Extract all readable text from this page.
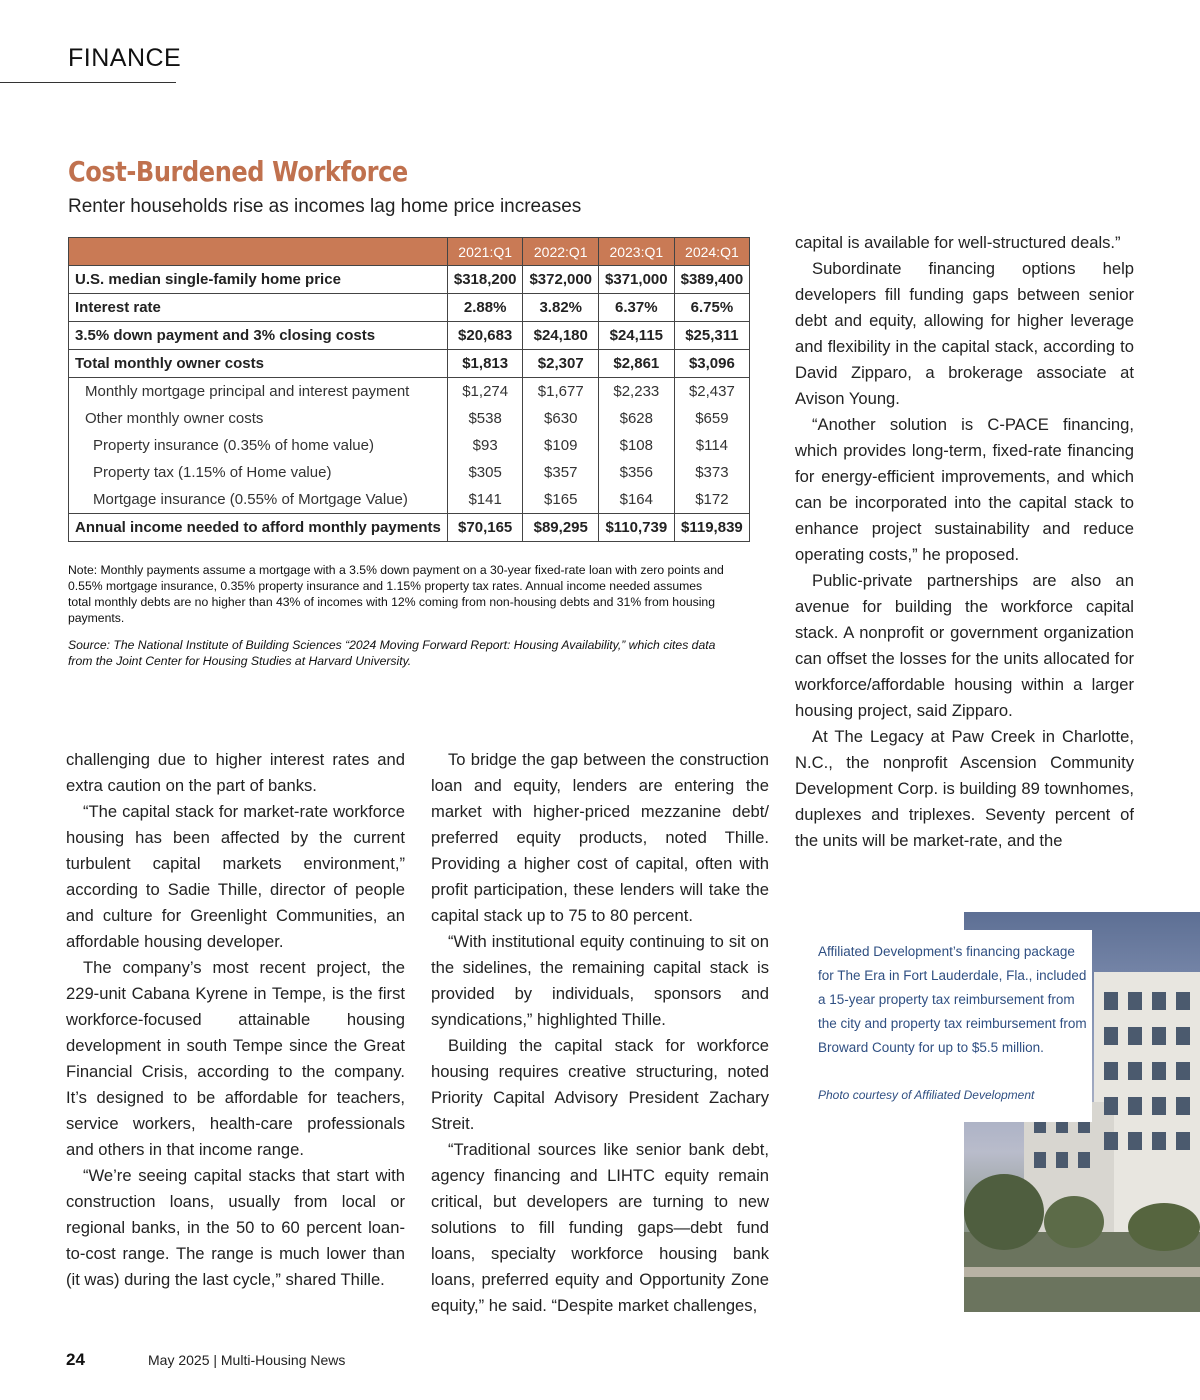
FINANCE
Cost-Burdened Workforce
Renter households rise as incomes lag home price increases
	2021:Q1	2022:Q1	2023:Q1	2024:Q1
U.S. median single-family home price	$318,200	$372,000	$371,000	$389,400
Interest rate	2.88%	3.82%	6.37%	6.75%
3.5% down payment and 3% closing costs	$20,683	$24,180	$24,115	$25,311
Total monthly owner costs	$1,813	$2,307	$2,861	$3,096
Monthly mortgage principal and interest payment	$1,274	$1,677	$2,233	$2,437
Other monthly owner costs	$538	$630	$628	$659
Property insurance (0.35% of home value)	$93	$109	$108	$114
Property tax (1.15% of Home value)	$305	$357	$356	$373
Mortgage insurance (0.55% of Mortgage Value)	$141	$165	$164	$172
Annual income needed to afford monthly payments	$70,165	$89,295	$110,739	$119,839
Note: Monthly payments assume a mortgage with a 3.5% down payment on a 30-year fixed-rate loan with zero points and 0.55% mortgage insurance, 0.35% property insurance and 1.15% property tax rates. Annual income needed assumes total monthly debts are no higher than 43% of incomes with 12% coming from non-housing debts and 31% from housing payments.
Source: The National Institute of Building Sciences “2024 Moving Forward Report: Housing Availability,” which cites data from the Joint Center for Housing Studies at Harvard University.

challenging due to higher interest rates and extra caution on the part of banks.

“The capital stack for market-rate workforce housing has been affected by the current turbulent capital markets environment,” according to Sadie Thille, director of people and culture for Greenlight Communities, an affordable housing developer.

The company’s most recent project, the 229-unit Cabana Kyrene in Tempe, is the first workforce-focused attainable housing development in south Tempe since the Great Financial Crisis, according to the company. It’s designed to be affordable for teachers, service workers, health-care professionals and others in that income range.

“We’re seeing capital stacks that start with construction loans, usually from local or regional banks, in the 50 to 60 percent loan-to-cost range. The range is much lower than (it was) during the last cycle,” shared Thille.

To bridge the gap between the construction loan and equity, lenders are entering the market with higher-priced mezzanine debt/ preferred equity products, noted Thille. Providing a higher cost of capital, often with profit participation, these lenders will take the capital stack up to 75 to 80 percent.

“With institutional equity continuing to sit on the sidelines, the remaining capital stack is provided by individuals, sponsors and syndications,” highlighted Thille.

Building the capital stack for workforce housing requires creative structuring, noted Priority Capital Advisory President Zachary Streit.

“Traditional sources like senior bank debt, agency financing and LIHTC equity remain critical, but developers are turning to new solutions to fill funding gaps—debt fund loans, specialty workforce housing bank loans, preferred equity and Opportunity Zone equity,” he said. “Despite market challenges,

capital is available for well-structured deals.”

Subordinate financing options help developers fill funding gaps between senior debt and equity, allowing for higher leverage and flexibility in the capital stack, according to David Zipparo, a brokerage associate at Avison Young.

“Another solution is C-PACE financing, which provides long-term, fixed-rate financing for energy-efficient improvements, and which can be incorporated into the capital stack to enhance project sustainability and reduce operating costs,” he proposed.

Public-private partnerships are also an avenue for building the workforce capital stack. A nonprofit or government organization can offset the losses for the units allocated for workforce/affordable housing within a larger housing project, said Zipparo.

At The Legacy at Paw Creek in Charlotte, N.C., the nonprofit Ascension Community Development Corp. is building 89 townhomes, duplexes and triplexes. Seventy percent of the units will be market-rate, and the

Affiliated Development’s financing package for The Era in Fort Lauderdale, Fla., included a 15-year property tax reimbursement from the city and property tax reimbursement from Broward County for up to $5.5 million.
Photo courtesy of Affiliated Development
24	May 2025 | Multi-Housing News
